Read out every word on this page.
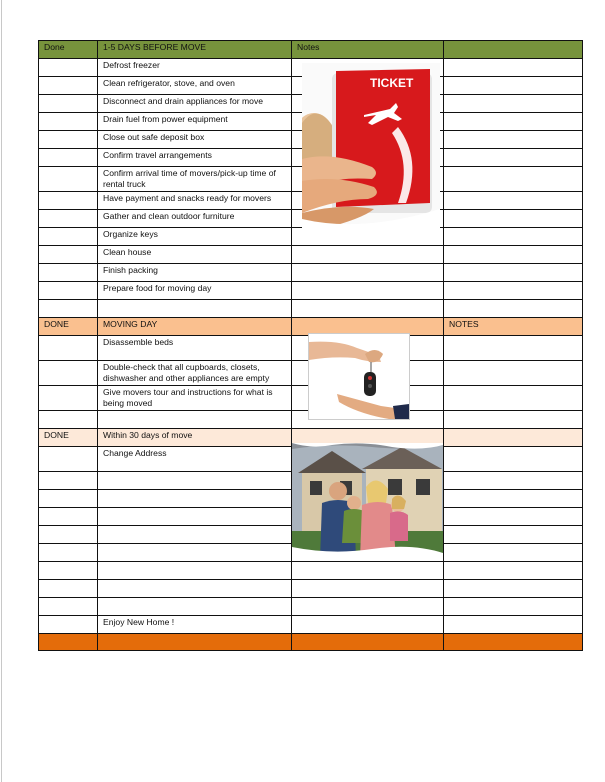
Done	1-5 DAYS BEFORE MOVE	Notes	
	Defrost freezer		
	Clean refrigerator, stove, and oven		
	Disconnect and drain appliances for move		
	Drain fuel from power equipment		
	Close out safe deposit box		
	Confirm travel arrangements		
	Confirm arrival time of movers/pick-up time of rental truck		
	Have payment and snacks ready for movers		
	Gather and clean outdoor furniture		
	Organize keys		
	Clean house		
	Finish packing		
	Prepare food for moving day		

DONE	MOVING DAY		NOTES
	Disassemble beds		
	Double-check that all cupboards, closets, dishwasher and other appliances are empty		
	Give movers tour and instructions for what is being moved		

DONE	Within 30 days of move		
	Change Address		

	Enjoy New Home !		

TICKET
